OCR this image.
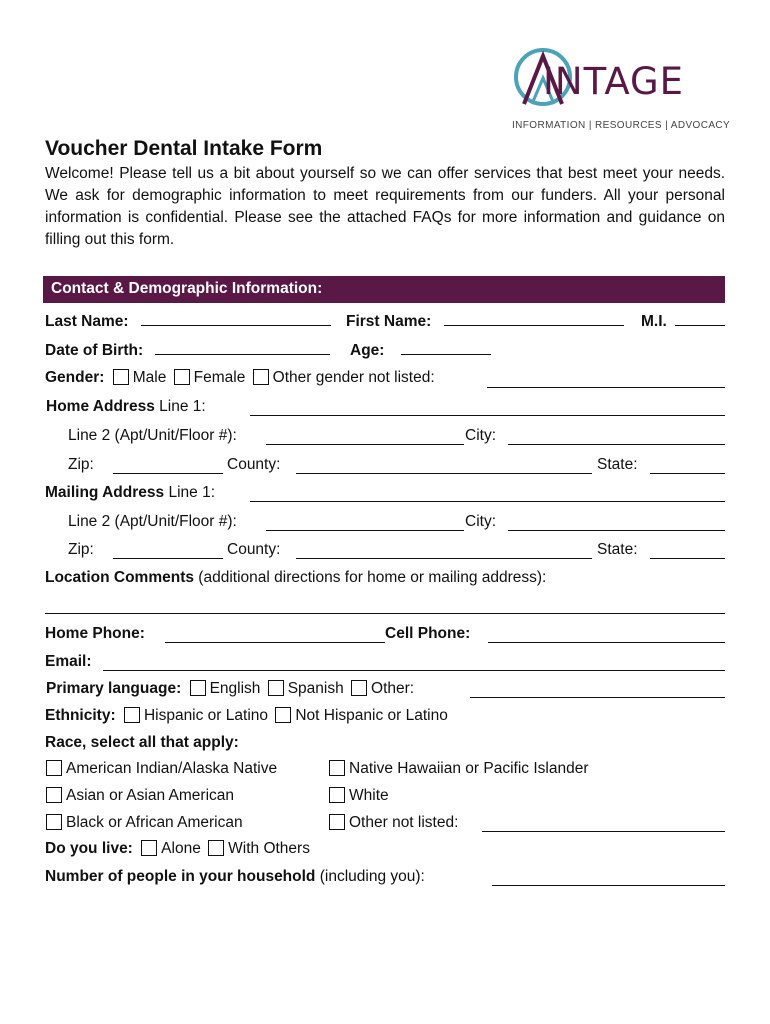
INTAGE
INFORMATION | RESOURCES | ADVOCACY
Voucher Dental Intake Form

Welcome! Please tell us a bit about yourself so we can offer services that best meet your needs. We ask for demographic information to meet requirements from our funders. All your personal information is confidential. Please see the attached FAQs for more information and guidance on filling out this form.

Contact & Demographic Information:
Last Name:	First Name:	M.I.
Date of Birth:	Age:
Gender: Male Female Other gender not listed:
Home Address Line 1:
Line 2 (Apt/Unit/Floor #):	City:
Zip:	County:	State:
Mailing Address Line 1:
Line 2 (Apt/Unit/Floor #):	City:
Zip:	County:	State:
Location Comments (additional directions for home or mailing address):
Home Phone:	Cell Phone:
Email:
Primary language: English Spanish Other:
Ethnicity: Hispanic or Latino Not Hispanic or Latino
Race, select all that apply:
American Indian/Alaska Native	Native Hawaiian or Pacific Islander
Asian or Asian American	White
Black or African American	Other not listed:
Do you live: Alone With Others
Number of people in your household (including you):
